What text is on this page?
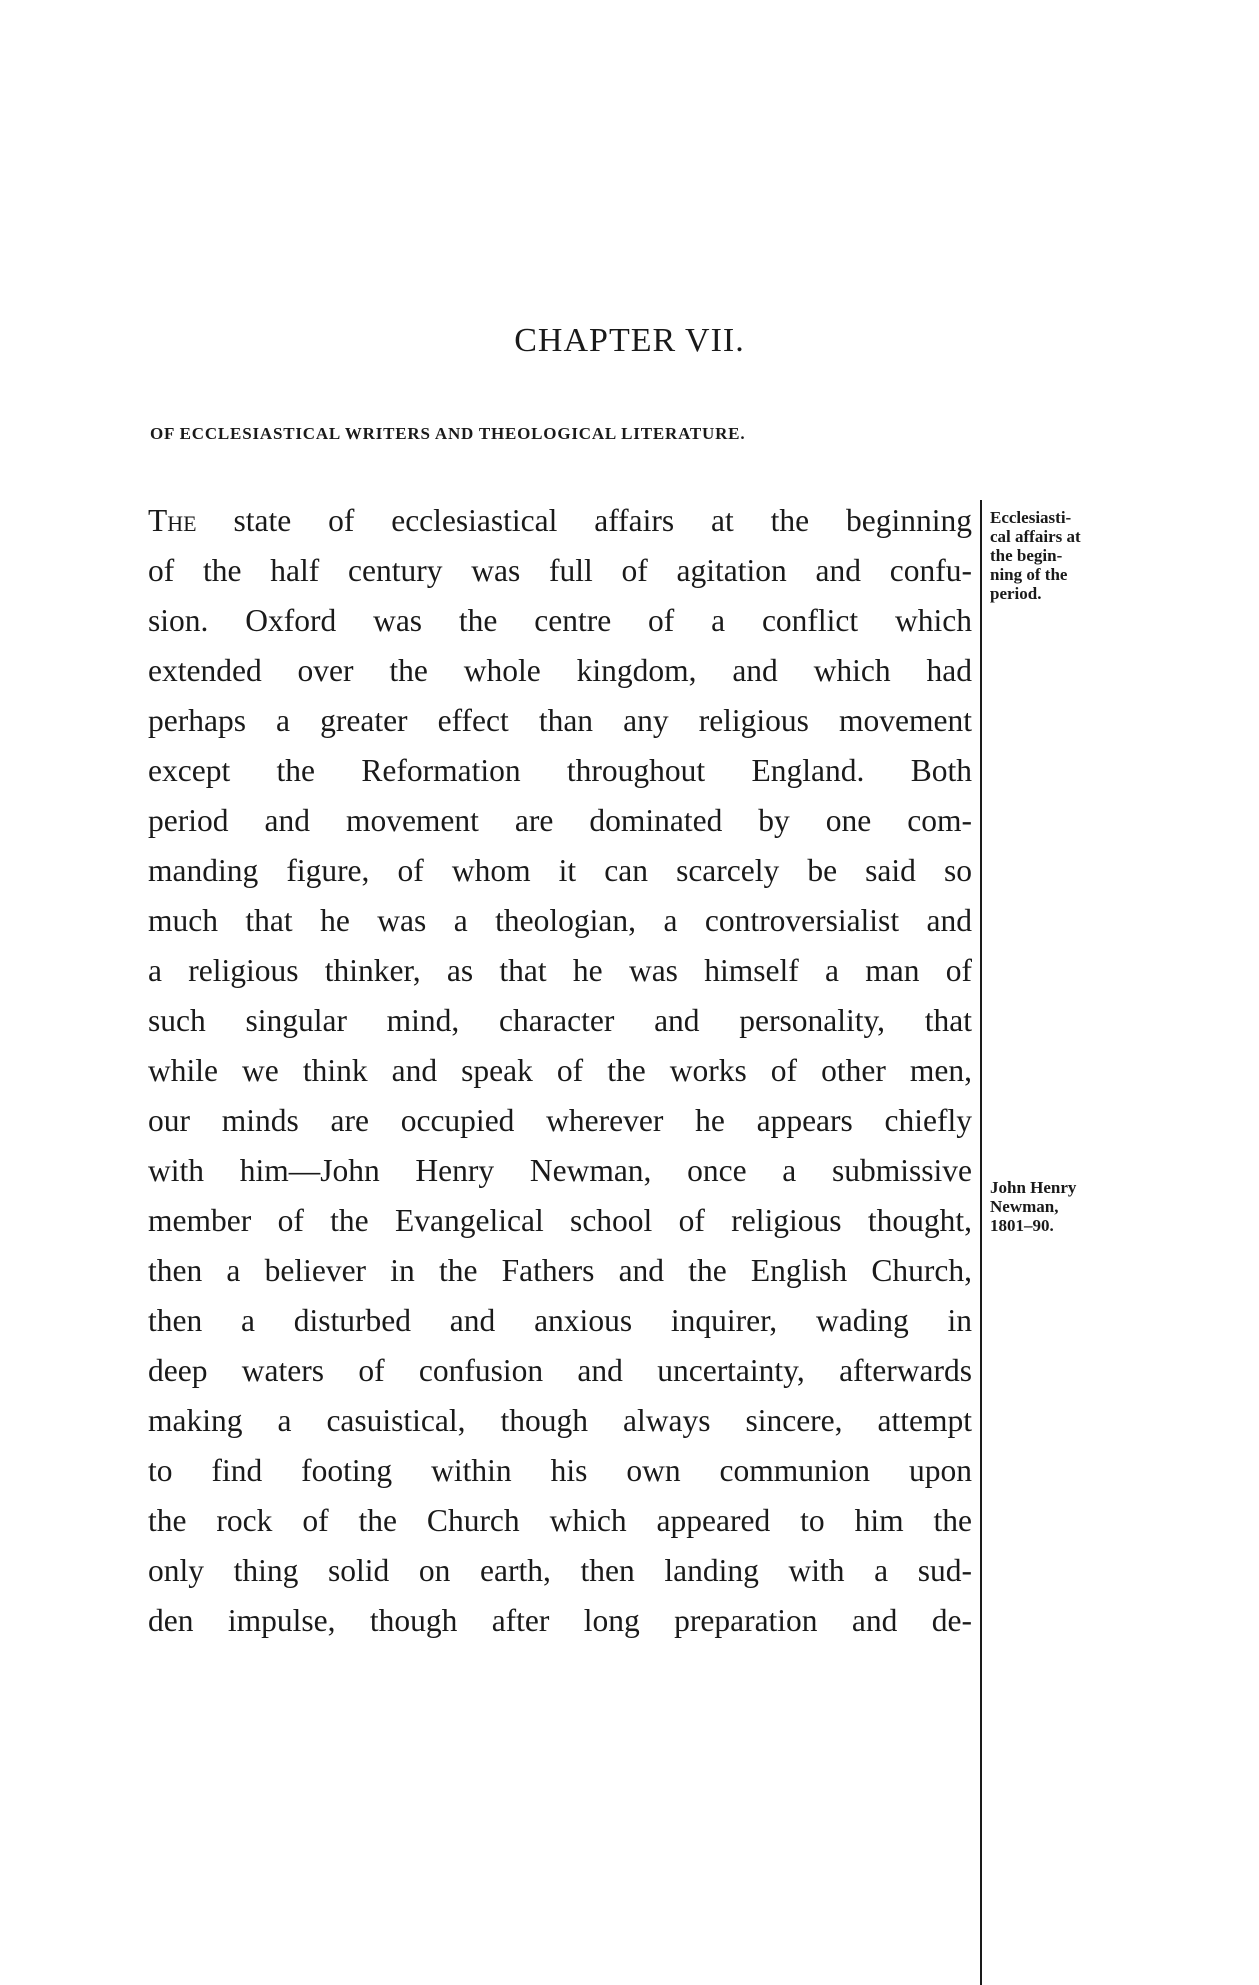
CHAPTER VII.
OF ECCLESIASTICAL WRITERS AND THEOLOGICAL LITERATURE.
The state of ecclesiastical affairs at the beginning
of the half century was full of agitation and confu-
sion. Oxford was the centre of a conflict which
extended over the whole kingdom, and which had
perhaps a greater effect than any religious movement
except the Reformation throughout England. Both
period and movement are dominated by one com-
manding figure, of whom it can scarcely be said so
much that he was a theologian, a controversialist and
a religious thinker, as that he was himself a man of
such singular mind, character and personality, that
while we think and speak of the works of other men,
our minds are occupied wherever he appears chiefly
with him—John Henry Newman, once a submissive
member of the Evangelical school of religious thought,
then a believer in the Fathers and the English Church,
then a disturbed and anxious inquirer, wading in
deep waters of confusion and uncertainty, afterwards
making a casuistical, though always sincere, attempt
to find footing within his own communion upon
the rock of the Church which appeared to him the
only thing solid on earth, then landing with a sud-
den impulse, though after long preparation and de-
Ecclesiasti-
cal affairs at
the begin-
ning of the
period.
John Henry
Newman,
1801–90.
